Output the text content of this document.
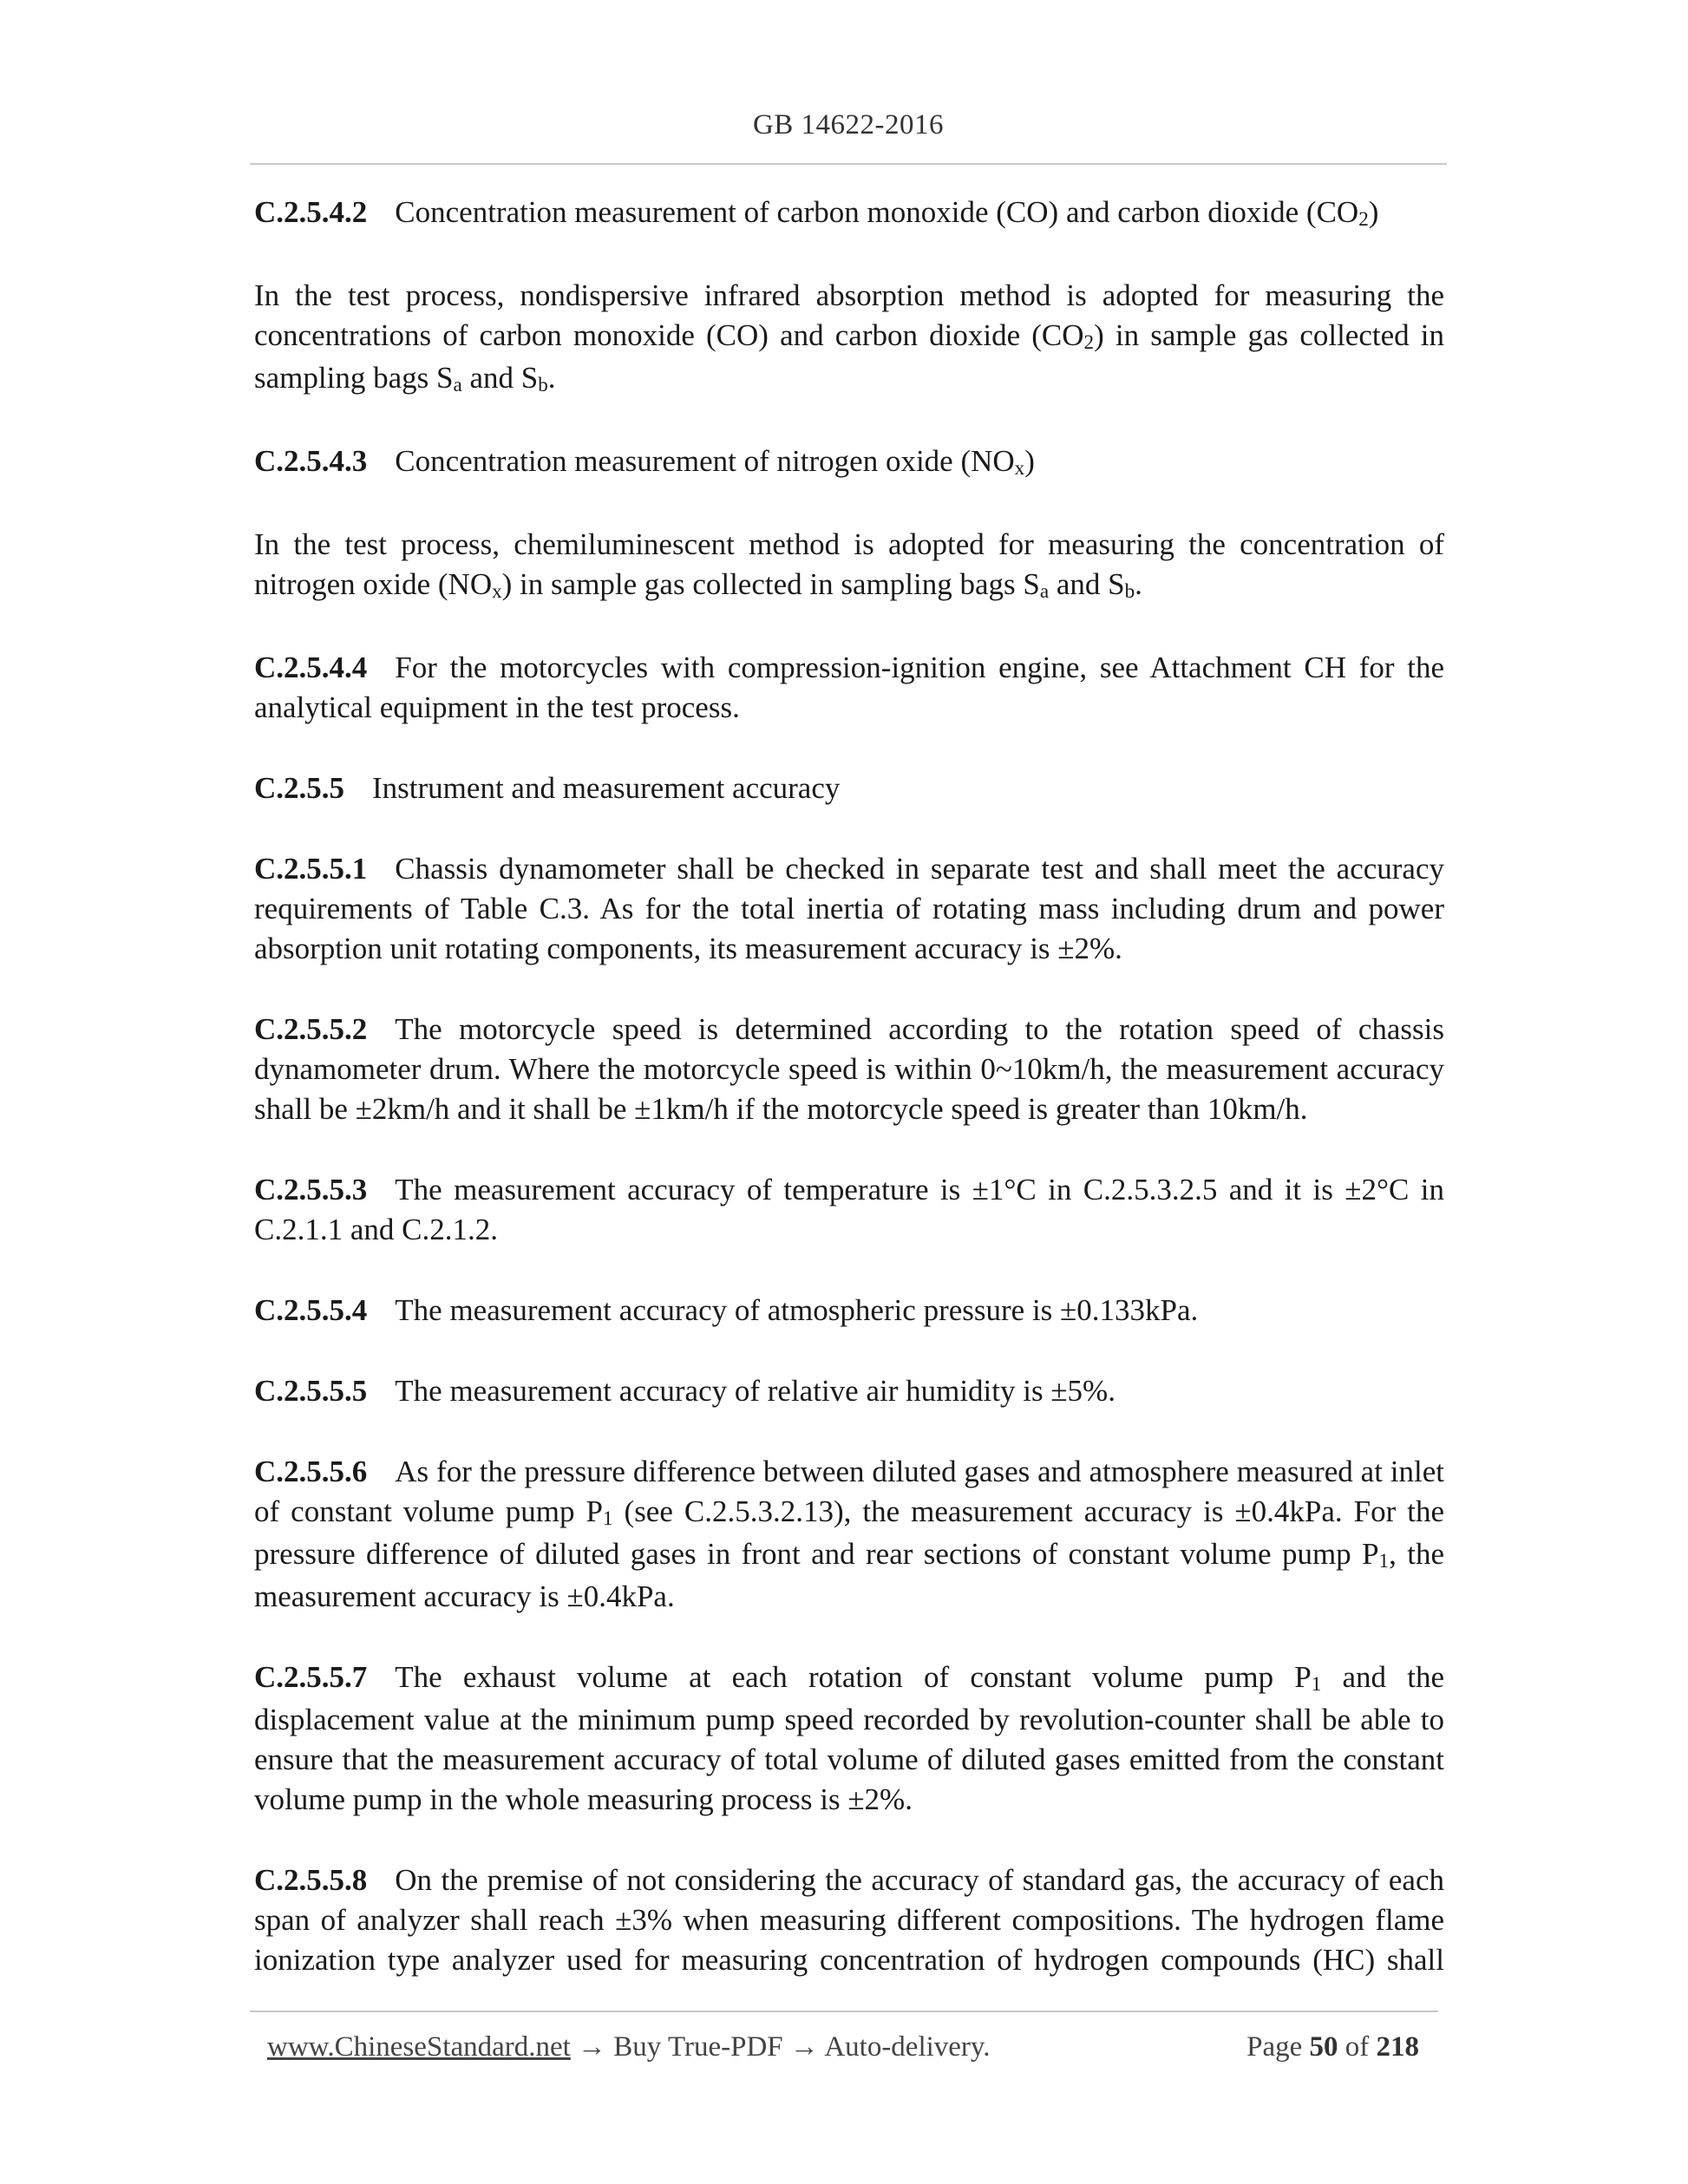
GB 14622-2016

C.2.5.4.2 Concentration measurement of carbon monoxide (CO) and carbon dioxide (CO2)

In the test process, nondispersive infrared absorption method is adopted for measuring the concentrations of carbon monoxide (CO) and carbon dioxide (CO2) in sample gas collected in sampling bags Sa and Sb.

C.2.5.4.3 Concentration measurement of nitrogen oxide (NOx)

In the test process, chemiluminescent method is adopted for measuring the concentration of nitrogen oxide (NOx) in sample gas collected in sampling bags Sa and Sb.

C.2.5.4.4 For the motorcycles with compression-ignition engine, see Attachment CH for the analytical equipment in the test process.

C.2.5.5 Instrument and measurement accuracy

C.2.5.5.1 Chassis dynamometer shall be checked in separate test and shall meet the accuracy requirements of Table C.3. As for the total inertia of rotating mass including drum and power absorption unit rotating components, its measurement accuracy is ±2%.

C.2.5.5.2 The motorcycle speed is determined according to the rotation speed of chassis dynamometer drum. Where the motorcycle speed is within 0~10km/h, the measurement accuracy shall be ±2km/h and it shall be ±1km/h if the motorcycle speed is greater than 10km/h.

C.2.5.5.3 The measurement accuracy of temperature is ±1°C in C.2.5.3.2.5 and it is ±2°C in C.2.1.1 and C.2.1.2.

C.2.5.5.4 The measurement accuracy of atmospheric pressure is ±0.133kPa.

C.2.5.5.5 The measurement accuracy of relative air humidity is ±5%.

C.2.5.5.6 As for the pressure difference between diluted gases and atmosphere measured at inlet of constant volume pump P1 (see C.2.5.3.2.13), the measurement accuracy is ±0.4kPa. For the pressure difference of diluted gases in front and rear sections of constant volume pump P1, the measurement accuracy is ±0.4kPa.

C.2.5.5.7 The exhaust volume at each rotation of constant volume pump P1 and the displacement value at the minimum pump speed recorded by revolution-counter shall be able to ensure that the measurement accuracy of total volume of diluted gases emitted from the constant volume pump in the whole measuring process is ±2%.

C.2.5.5.8 On the premise of not considering the accuracy of standard gas, the accuracy of each span of analyzer shall reach ±3% when measuring different compositions. The hydrogen flame ionization type analyzer used for measuring concentration of hydrogen compounds (HC) shall

www.ChineseStandard.net → Buy True-PDF → Auto-delivery.	Page 50 of 218
